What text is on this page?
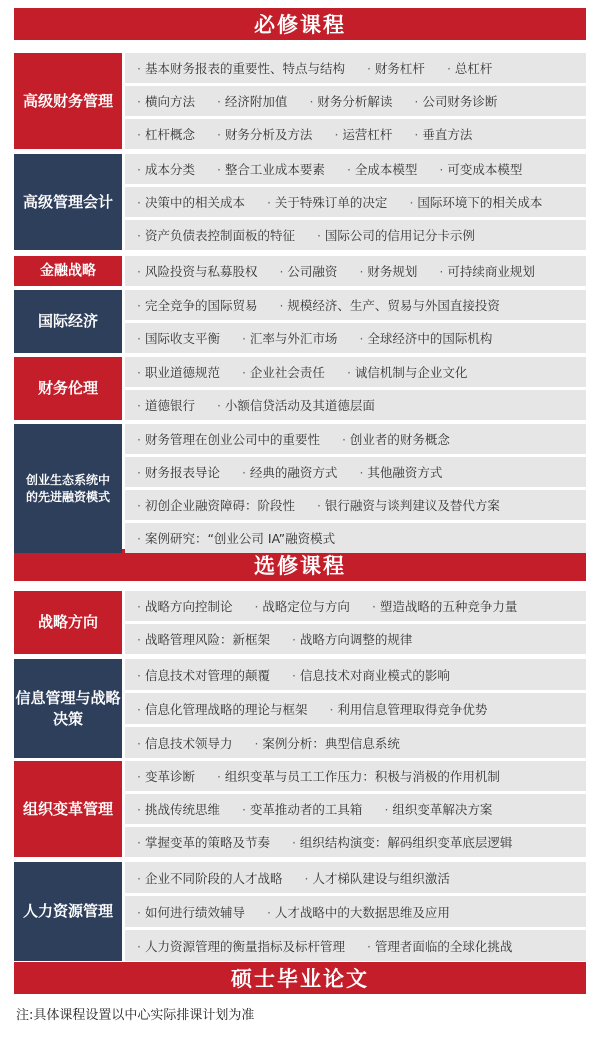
必修课程
选修课程
硕士毕业论文
高级财务管理
· 基本财务报表的重要性、特点与结构	· 财务杠杆	· 总杠杆
· 横向方法	· 经济附加值	· 财务分析解读	· 公司财务诊断
· 杠杆概念	· 财务分析及方法	· 运营杠杆	· 垂直方法
高级管理会计
· 成本分类	· 整合工业成本要素	· 全成本模型	· 可变成本模型
· 决策中的相关成本	· 关于特殊订单的决定	· 国际环境下的相关成本
· 资产负债表控制面板的特征	· 国际公司的信用记分卡示例
金融战略	· 风险投资与私募股权	· 公司融资	· 财务规划	· 可持续商业规划
国际经济
· 完全竞争的国际贸易	· 规模经济、生产、贸易与外国直接投资
· 国际收支平衡	· 汇率与外汇市场	· 全球经济中的国际机构
财务伦理
· 职业道德规范	· 企业社会责任	· 诚信机制与企业文化
· 道德银行	· 小额信贷活动及其道德层面
创业生态系统中的先进融资模式
· 财务管理在创业公司中的重要性	· 创业者的财务概念
· 财务报表导论	· 经典的融资方式	· 其他融资方式
· 初创企业融资障碍：阶段性	· 银行融资与谈判建议及替代方案
· 案例研究：“创业公司 IA”融资模式
战略方向
· 战略方向控制论	· 战略定位与方向	· 塑造战略的五种竞争力量
· 战略管理风险：新框架	· 战略方向调整的规律
信息管理与战略决策
· 信息技术对管理的颠覆	· 信息技术对商业模式的影响
· 信息化管理战略的理论与框架	· 利用信息管理取得竞争优势
· 信息技术领导力	· 案例分析：典型信息系统
组织变革管理
· 变革诊断	· 组织变革与员工工作压力：积极与消极的作用机制
· 挑战传统思维	· 变革推动者的工具箱	· 组织变革解决方案
· 掌握变革的策略及节奏	· 组织结构演变：解码组织变革底层逻辑
人力资源管理
· 企业不同阶段的人才战略	· 人才梯队建设与组织激活
· 如何进行绩效辅导	· 人才战略中的大数据思维及应用
· 人力资源管理的衡量指标及标杆管理	· 管理者面临的全球化挑战
注:具体课程设置以中心实际排课计划为准
